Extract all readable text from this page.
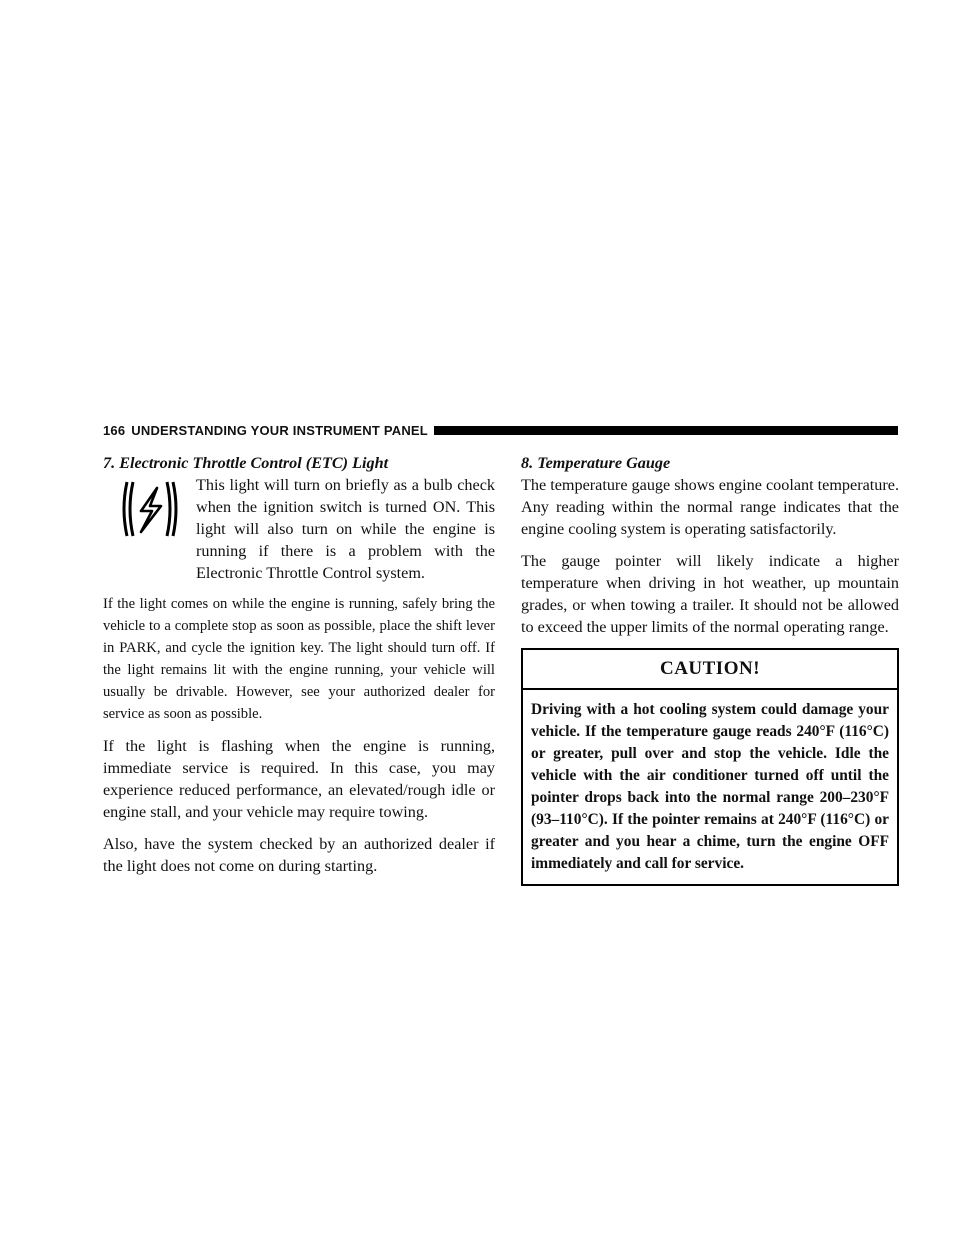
166 UNDERSTANDING YOUR INSTRUMENT PANEL
7. Electronic Throttle Control (ETC) Light
This light will turn on briefly as a bulb check when the ignition switch is turned ON. This light will also turn on while the engine is running if there is a problem with the Electronic Throttle Control system.

If the light comes on while the engine is running, safely bring the vehicle to a complete stop as soon as possible, place the shift lever in PARK, and cycle the ignition key. The light should turn off. If the light remains lit with the engine running, your vehicle will usually be drivable. However, see your authorized dealer for service as soon as possible.

If the light is flashing when the engine is running, immediate service is required. In this case, you may experience reduced performance, an elevated/rough idle or engine stall, and your vehicle may require towing.

Also, have the system checked by an authorized dealer if the light does not come on during starting.

8. Temperature Gauge

The temperature gauge shows engine coolant temperature. Any reading within the normal range indicates that the engine cooling system is operating satisfactorily.

The gauge pointer will likely indicate a higher temperature when driving in hot weather, up mountain grades, or when towing a trailer. It should not be allowed to exceed the upper limits of the normal operating range.

CAUTION!
Driving with a hot cooling system could damage your vehicle. If the temperature gauge reads 240°F (116°C) or greater, pull over and stop the vehicle. Idle the vehicle with the air conditioner turned off until the pointer drops back into the normal range 200–230°F (93–110°C). If the pointer remains at 240°F (116°C) or greater and you hear a chime, turn the engine OFF immediately and call for service.
